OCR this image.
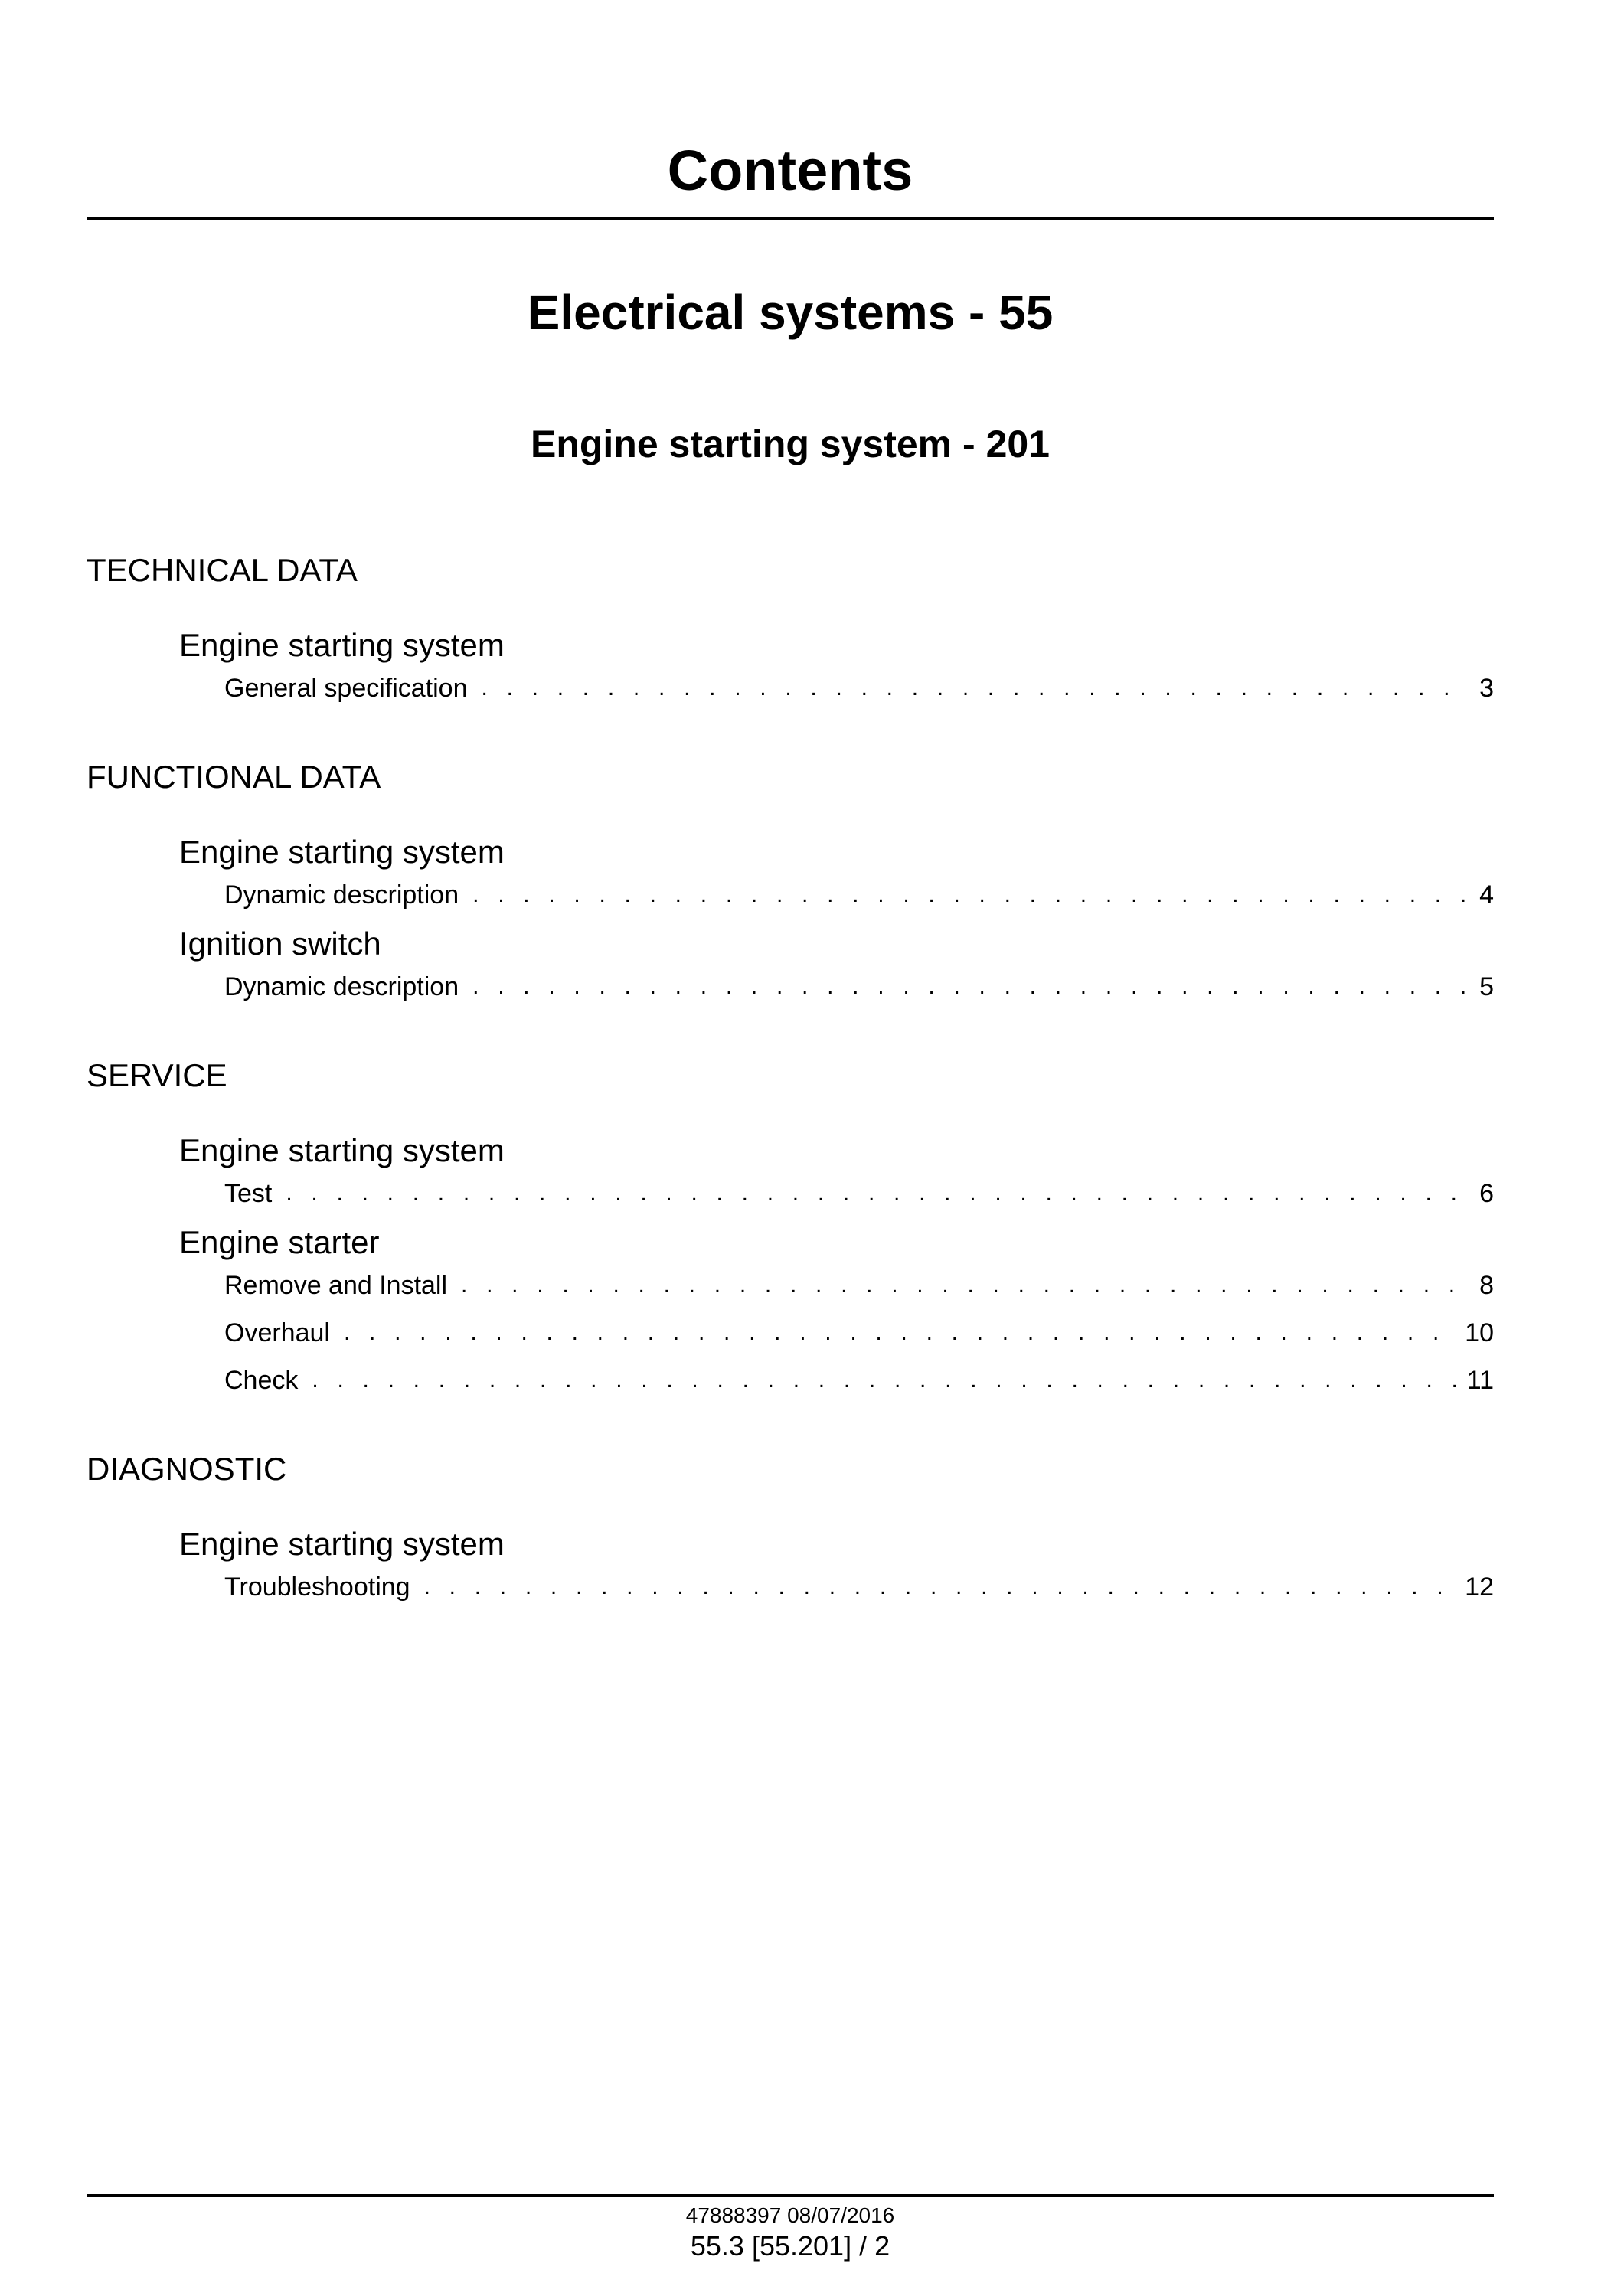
Contents
Electrical systems - 55
Engine starting system - 201
TECHNICAL DATA
Engine starting system
General specification . . .	3
FUNCTIONAL DATA
Engine starting system
Dynamic description . . .	4
Ignition switch
Dynamic description . . .	5
SERVICE
Engine starting system
Test . . .	6
Engine starter
Remove and Install . . .	8
Overhaul . . .	10
Check . . .	11
DIAGNOSTIC
Engine starting system
Troubleshooting . . .	12
47888397 08/07/2016
55.3 [55.201] / 2
